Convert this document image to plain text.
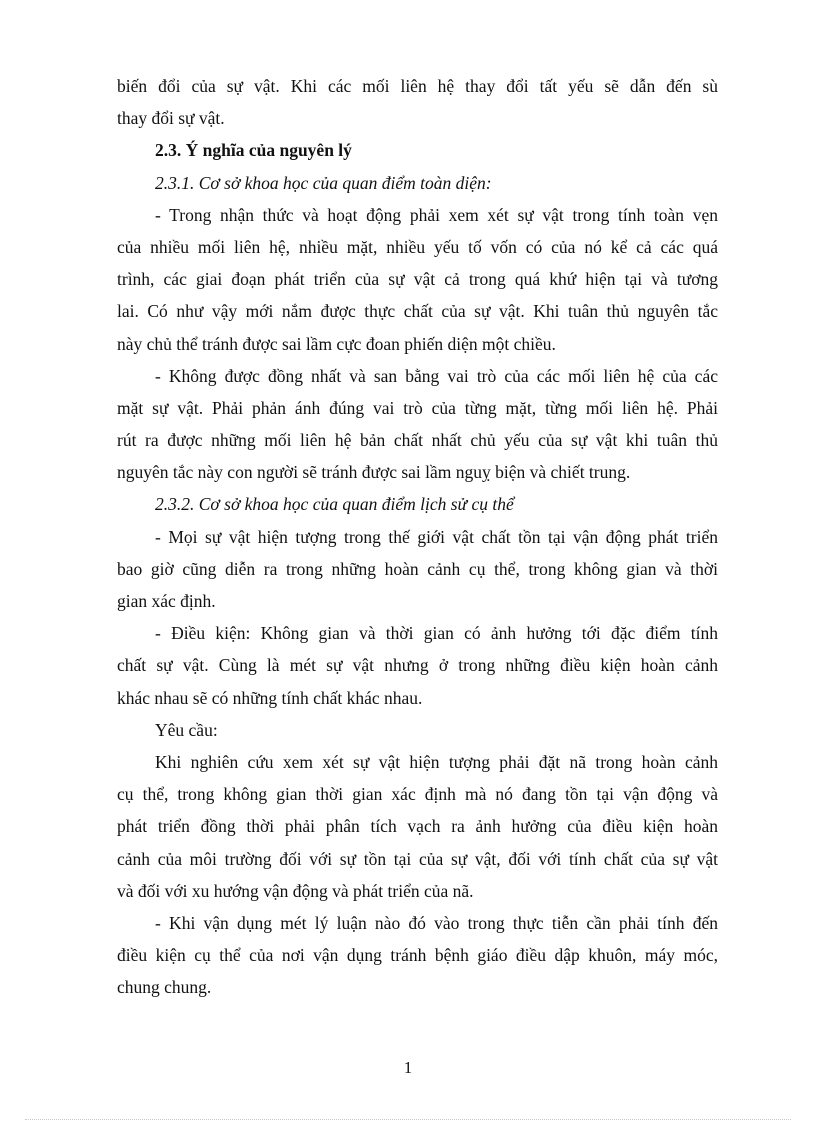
biến đổi của sự vật. Khi các mối liên hệ thay đổi tất yếu sẽ dẫn đến sù
thay đổi sự vật.
2.3. Ý nghĩa của nguyên lý
2.3.1. Cơ sở khoa học của quan điểm toàn diện:
- Trong nhận thức và hoạt động phải xem xét sự vật trong tính toàn vẹn
của nhiều mối liên hệ, nhiều mặt, nhiều yếu tố vốn có của nó kể cả các quá
trình, các giai đoạn phát triển của sự vật cả trong quá khứ hiện tại và tương
lai. Có như vậy mới nắm được thực chất của sự vật. Khi tuân thủ nguyên tắc
này chủ thể tránh được sai lầm cực đoan phiến diện một chiều.
- Không được đồng nhất và san bằng vai trò của các mối liên hệ của các
mặt sự vật. Phải phản ánh đúng vai trò của từng mặt, từng mối liên hệ. Phải
rút ra được những mối liên hệ bản chất nhất chủ yếu của sự vật khi tuân thủ
nguyên tắc này con người sẽ tránh được sai lầm nguỵ biện và chiết trung.
2.3.2. Cơ sở khoa học của quan điểm lịch sử cụ thể
- Mọi sự vật hiện tượng trong thế giới vật chất tồn tại vận động phát triển
bao giờ cũng diễn ra trong những hoàn cảnh cụ thể, trong không gian và thời
gian xác định.
- Điều kiện: Không gian và thời gian có ảnh hưởng tới đặc điểm tính
chất sự vật. Cùng là mét sự vật nhưng ở trong những điều kiện hoàn cảnh
khác nhau sẽ có những tính chất khác nhau.
Yêu cầu:
Khi nghiên cứu xem xét sự vật hiện tượng phải đặt nã trong hoàn cảnh
cụ thể, trong không gian thời gian xác định mà nó đang tồn tại vận động và
phát triển đồng thời phải phân tích vạch ra ảnh hưởng của điều kiện hoàn
cảnh của môi trường đối với sự tồn tại của sự vật, đối với tính chất của sự vật
và đối với xu hướng vận động và phát triển của nã.
- Khi vận dụng mét lý luận nào đó vào trong thực tiễn cần phải tính đến
điều kiện cụ thể của nơi vận dụng tránh bệnh giáo điều dập khuôn, máy móc,
chung chung.
1
